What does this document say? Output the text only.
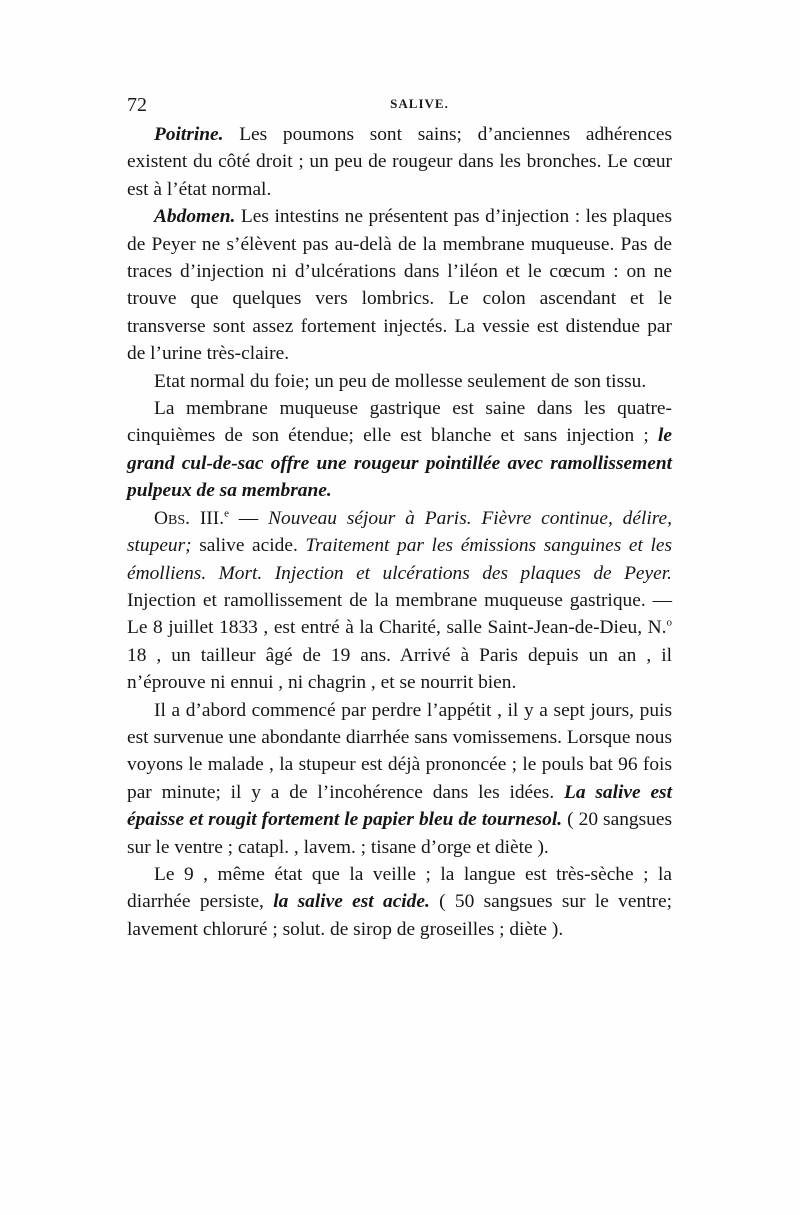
72	SALIVE.

Poitrine. Les poumons sont sains; d’anciennes adhérences existent du côté droit ; un peu de rougeur dans les bronches. Le cœur est à l’état normal.

Abdomen. Les intestins ne présentent pas d’injection : les plaques de Peyer ne s’élèvent pas au-delà de la membrane muqueuse. Pas de traces d’injection ni d’ulcérations dans l’iléon et le cœcum : on ne trouve que quelques vers lombrics. Le colon ascendant et le transverse sont assez fortement injectés. La vessie est distendue par de l’urine très-claire.

Etat normal du foie; un peu de mollesse seulement de son tissu.

La membrane muqueuse gastrique est saine dans les quatre-cinquièmes de son étendue; elle est blanche et sans injection ; le grand cul-de-sac offre une rougeur pointillée avec ramollissement pulpeux de sa membrane.

Obs. III.$^e$ — Nouveau séjour à Paris. Fièvre continue, délire, stupeur; salive acide. Traitement par les émissions sanguines et les émolliens. Mort. Injection et ulcérations des plaques de Peyer. Injection et ramollissement de la membrane muqueuse gastrique. — Le 8 juillet 1833 , est entré à la Charité, salle Saint-Jean-de-Dieu, N.$^o$ 18 , un tailleur âgé de 19 ans. Arrivé à Paris depuis un an , il n’éprouve ni ennui , ni chagrin , et se nourrit bien.

Il a d’abord commencé par perdre l’appétit , il y a sept jours, puis est survenue une abondante diarrhée sans vomissemens. Lorsque nous voyons le malade , la stupeur est déjà prononcée ; le pouls bat 96 fois par minute; il y a de l’incohérence dans les idées. La salive est épaisse et rougit fortement le papier bleu de tournesol. ( 20 sangsues sur le ventre ; catapl. , lavem. ; tisane d’orge et diète ).

Le 9 , même état que la veille ; la langue est très-sèche ; la diarrhée persiste, la salive est acide. ( 50 sangsues sur le ventre; lavement chloruré ; solut. de sirop de groseilles ; diète ).
